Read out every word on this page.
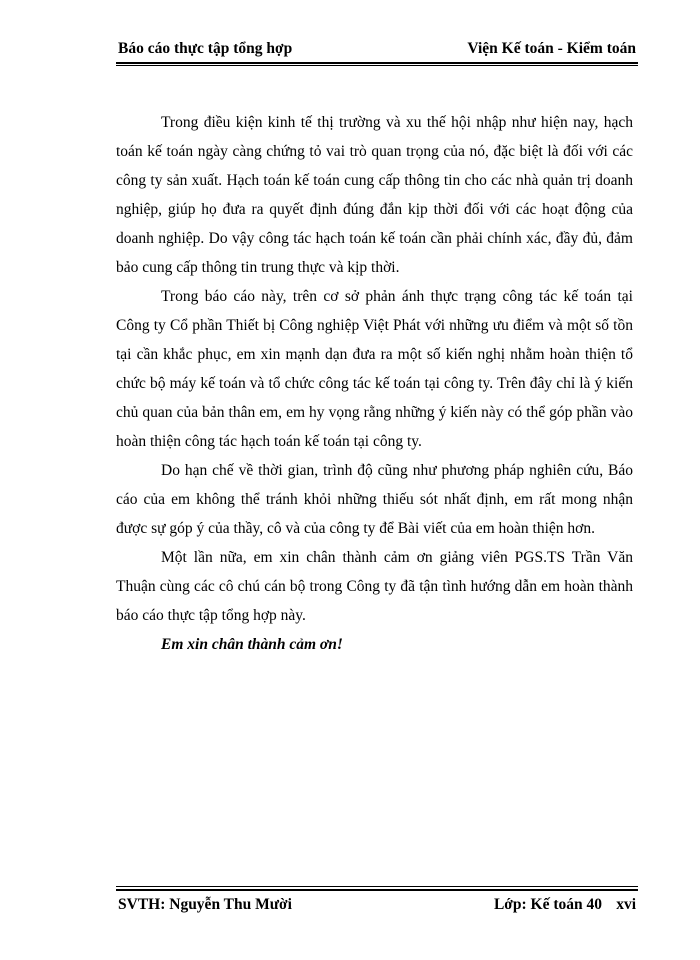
Báo cáo thực tập tổng hợp	Viện Kế toán - Kiểm toán

Trong điều kiện kinh tế thị trường và xu thế hội nhập như hiện nay, hạch toán kế toán ngày càng chứng tỏ vai trò quan trọng của nó, đặc biệt là đối với các công ty sản xuất. Hạch toán kế toán cung cấp thông tin cho các nhà quản trị doanh nghiệp, giúp họ đưa ra quyết định đúng đắn kịp thời đối với các hoạt động của doanh nghiệp. Do vậy công tác hạch toán kế toán cần phải chính xác, đầy đủ, đảm bảo cung cấp thông tin trung thực và kịp thời.

Trong báo cáo này, trên cơ sở phản ánh thực trạng công tác kế toán tại Công ty Cổ phần Thiết bị Công nghiệp Việt Phát với những ưu điểm và một số tồn tại cần khắc phục, em xin mạnh dạn đưa ra một số kiến nghị nhằm hoàn thiện tổ chức bộ máy kế toán và tổ chức công tác kế toán tại công ty. Trên đây chỉ là ý kiến chủ quan của bản thân em, em hy vọng rằng những ý kiến này có thể góp phần vào hoàn thiện công tác hạch toán kế toán tại công ty.

Do hạn chế về thời gian, trình độ cũng như phương pháp nghiên cứu, Báo cáo của em không thể tránh khỏi những thiếu sót nhất định, em rất mong nhận được sự góp ý của thầy, cô và của công ty để Bài viết của em hoàn thiện hơn.

Một lần nữa, em xin chân thành cảm ơn giảng viên PGS.TS Trần Văn Thuận cùng các cô chú cán bộ trong Công ty đã tận tình hướng dẫn em hoàn thành báo cáo thực tập tổng hợp này.

Em xin chân thành cảm ơn!

SVTH: Nguyễn Thu Mười	Lớp: Kế toán 40 xvi
